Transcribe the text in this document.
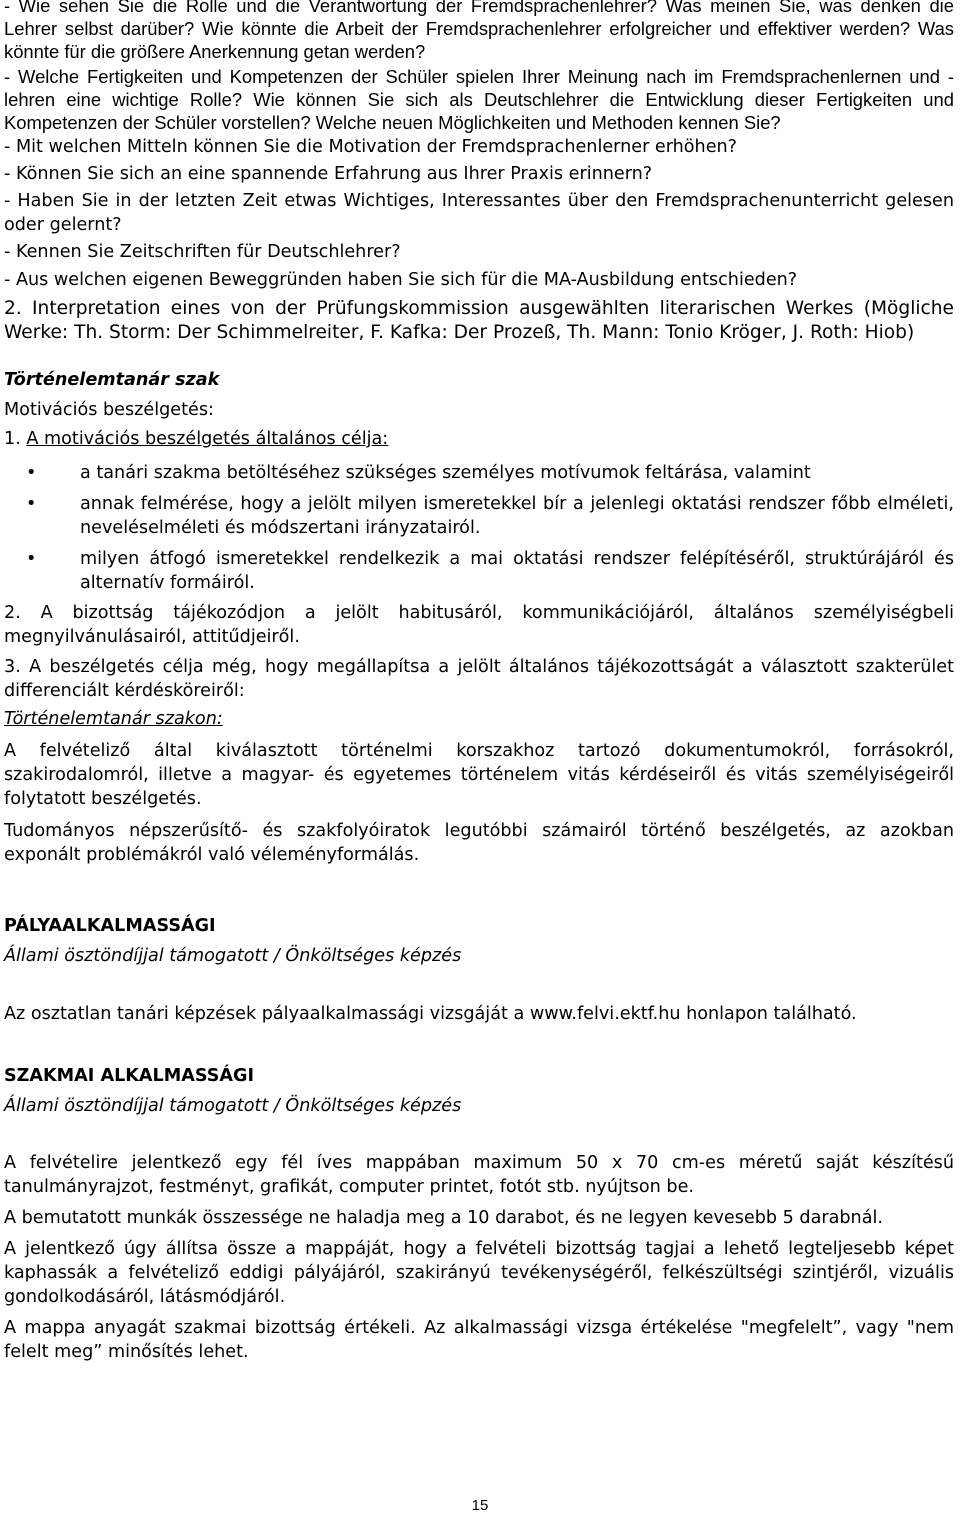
- Wie sehen Sie die Rolle und die Verantwortung der Fremdsprachenlehrer? Was meinen Sie, was denken die Lehrer selbst darüber? Wie könnte die Arbeit der Fremdsprachenlehrer erfolgreicher und effektiver werden? Was könnte für die größere Anerkennung getan werden?

- Welche Fertigkeiten und Kompetenzen der Schüler spielen Ihrer Meinung nach im Fremdsprachenlernen und -lehren eine wichtige Rolle? Wie können Sie sich als Deutschlehrer die Entwicklung dieser Fertigkeiten und Kompetenzen der Schüler vorstellen? Welche neuen Möglichkeiten und Methoden kennen Sie?

- Mit welchen Mitteln können Sie die Motivation der Fremdsprachenlerner erhöhen?

- Können Sie sich an eine spannende Erfahrung aus Ihrer Praxis erinnern?

- Haben Sie in der letzten Zeit etwas Wichtiges, Interessantes über den Fremdsprachenunterricht gelesen oder gelernt?

- Kennen Sie Zeitschriften für Deutschlehrer?

- Aus welchen eigenen Beweggründen haben Sie sich für die MA-Ausbildung entschieden?

2. Interpretation eines von der Prüfungskommission ausgewählten literarischen Werkes (Mögliche Werke: Th. Storm: Der Schimmelreiter, F. Kafka: Der Prozeß, Th. Mann: Tonio Kröger, J. Roth: Hiob)

Történelemtanár szak

Motivációs beszélgetés:

1. A motivációs beszélgetés általános célja:

• a tanári szakma betöltéséhez szükséges személyes motívumok feltárása, valamint
• annak felmérése, hogy a jelölt milyen ismeretekkel bír a jelenlegi oktatási rendszer főbb elméleti, neveléselméleti és módszertani irányzatairól.
• milyen átfogó ismeretekkel rendelkezik a mai oktatási rendszer felépítéséről, struktúrájáról és alternatív formáiról.

2. A bizottság tájékozódjon a jelölt habitusáról, kommunikációjáról, általános személyiségbeli megnyilvánulásairól, attitűdjeiről.

3. A beszélgetés célja még, hogy megállapítsa a jelölt általános tájékozottságát a választott szakterület differenciált kérdésköreiről:

Történelemtanár szakon:

A felvételiző által kiválasztott történelmi korszakhoz tartozó dokumentumokról, forrásokról, szakirodalomról, illetve a magyar- és egyetemes történelem vitás kérdéseiről és vitás személyiségeiről folytatott beszélgetés.

Tudományos népszerűsítő- és szakfolyóiratok legutóbbi számairól történő beszélgetés, az azokban exponált problémákról való véleményformálás.

PÁLYAALKALMASSÁGI

Állami ösztöndíjjal támogatott / Önköltséges képzés

Az osztatlan tanári képzések pályaalkalmassági vizsgáját a www.felvi.ektf.hu honlapon található.

SZAKMAI ALKALMASSÁGI

Állami ösztöndíjjal támogatott / Önköltséges képzés

A felvételire jelentkező egy fél íves mappában maximum 50 x 70 cm-es méretű saját készítésű tanulmányrajzot, festményt, grafikát, computer printet, fotót stb. nyújtson be.

A bemutatott munkák összessége ne haladja meg a 10 darabot, és ne legyen kevesebb 5 darabnál.

A jelentkező úgy állítsa össze a mappáját, hogy a felvételi bizottság tagjai a lehető legteljesebb képet kaphassák a felvételiző eddigi pályájáról, szakirányú tevékenységéről, felkészültségi szintjéről, vizuális gondolkodásáról, látásmódjáról.

A mappa anyagát szakmai bizottság értékeli. Az alkalmassági vizsga értékelése "megfelelt”, vagy "nem felelt meg” minősítés lehet.

15
